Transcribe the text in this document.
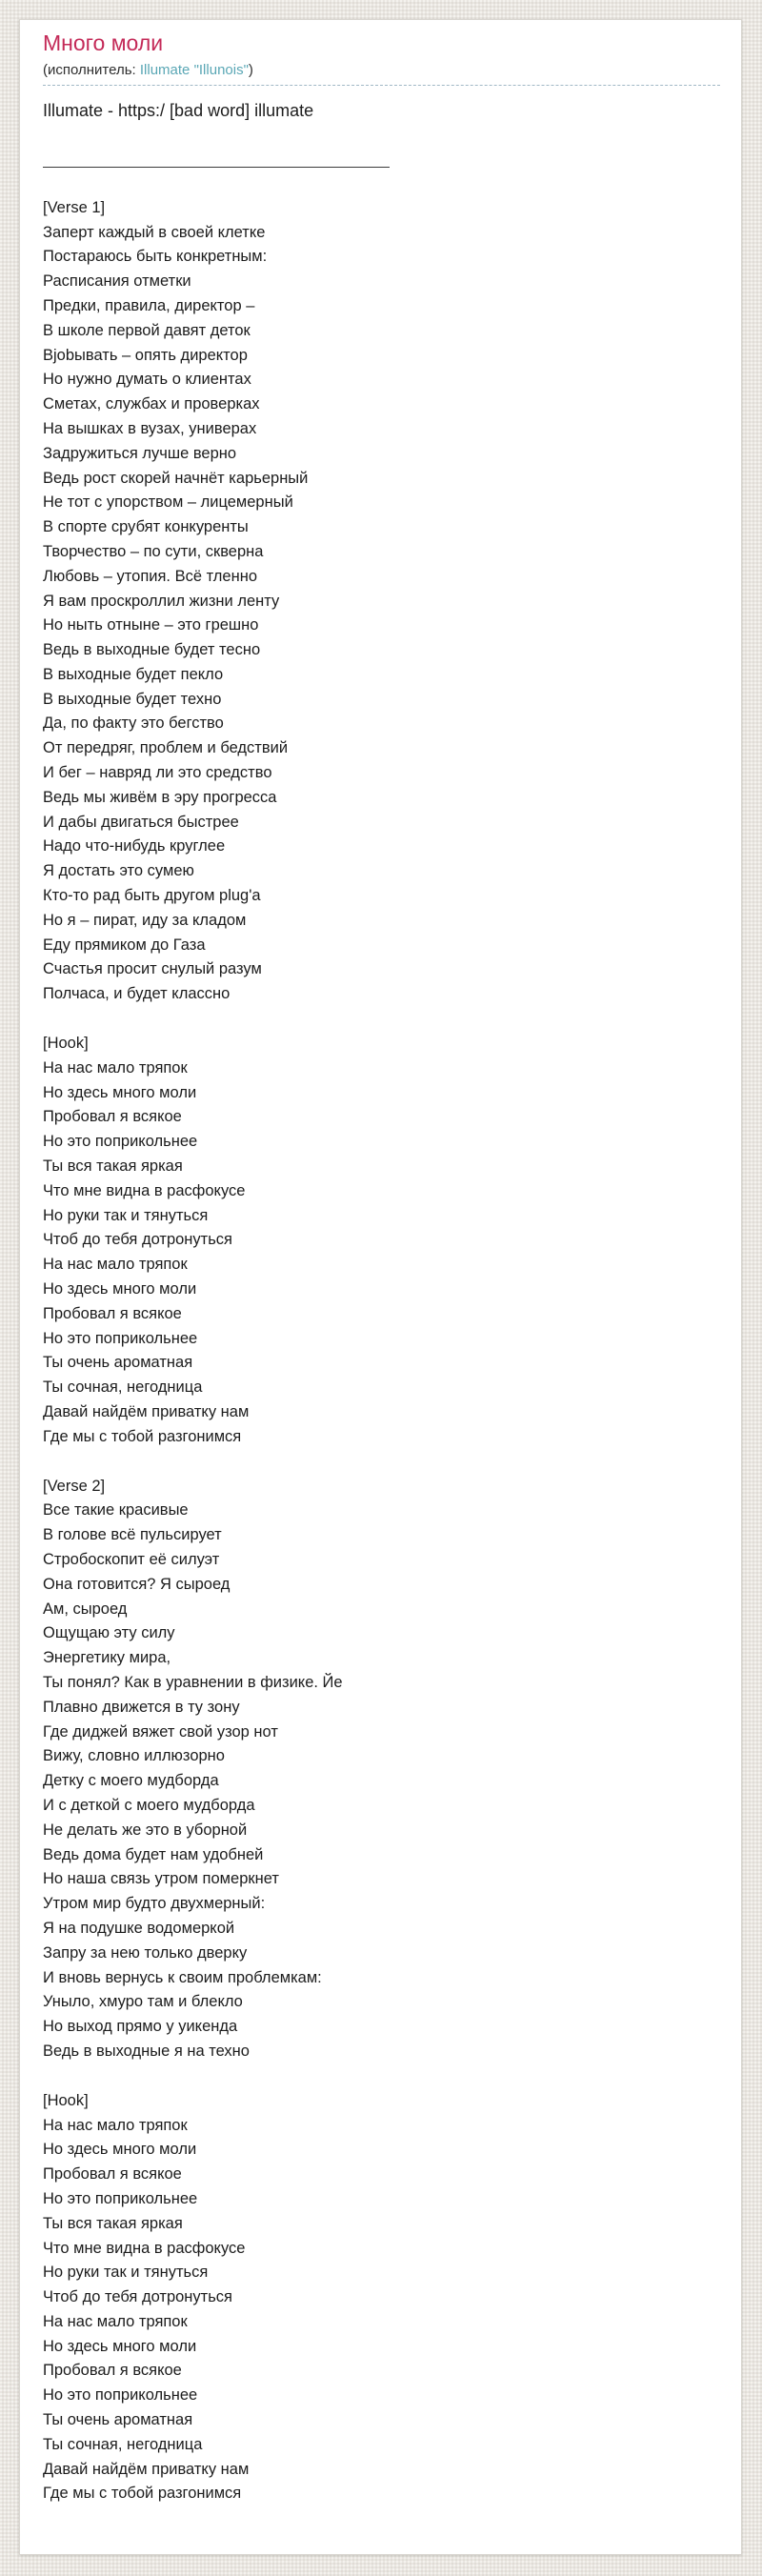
Много моли
(исполнитель: Illumate "Illunois")

Illumate - https:/ [bad word] illumate

[Verse 1]
Заперт каждый в своей клетке
Постараюсь быть конкретным:
Расписания отметки
Предки, правила, директор –
В школе первой давят деток
Вjobывать – опять директор
Но нужно думать о клиентах
Сметах, службах и проверках
На вышках в вузах, универах
Задружиться лучше верно
Ведь рост скорей начнёт карьерный
Не тот с упорством – лицемерный
В спорте срубят конкуренты
Творчество – по сути, скверна
Любовь – утопия. Всё тленно
Я вам проскроллил жизни ленту
Но ныть отныне – это грешно
Ведь в выходные будет тесно
В выходные будет пекло
В выходные будет техно
Да, по факту это бегство
От передряг, проблем и бедствий
И бег – навряд ли это средство
Ведь мы живём в эру прогресса
И дабы двигаться быстрее
Надо что-нибудь круглее
Я достать это сумею
Кто-то рад быть другом plug'a
Но я – пират, иду за кладом
Еду прямиком до Газа
Счастья просит снулый разум
Полчаса, и будет классно
[Hook]
На нас мало тряпок
Но здесь много моли
Пробовал я всякое
Но это поприкольнее
Ты вся такая яркая
Что мне видна в расфокусе
Но руки так и тянуться
Чтоб до тебя дотронуться
На нас мало тряпок
Но здесь много моли
Пробовал я всякое
Но это поприкольнее
Ты очень ароматная
Ты сочная, негодница
Давай найдём приватку нам
Где мы с тобой разгонимся
[Verse 2]
Все такие красивые
В голове всё пульсирует
Стробоскопит её силуэт
Она готовится? Я сыроед
Ам, сыроед
Ощущаю эту силу
Энергетику мира,
Ты понял? Как в уравнении в физике. Йе
Плавно движется в ту зону
Где диджей вяжет свой узор нот
Вижу, словно иллюзорно
Детку с моего мудборда
И с деткой с моего мудборда
Не делать же это в уборной
Ведь дома будет нам удобней
Но наша связь утром померкнет
Утром мир будто двухмерный:
Я на подушке водомеркой
Запру за нею только дверку
И вновь вернусь к своим проблемкам:
Уныло, хмуро там и блекло
Но выход прямо у уикенда
Ведь в выходные я на техно
[Hook]
На нас мало тряпок
Но здесь много моли
Пробовал я всякое
Но это поприкольнее
Ты вся такая яркая
Что мне видна в расфокусе
Но руки так и тянуться
Чтоб до тебя дотронуться
На нас мало тряпок
Но здесь много моли
Пробовал я всякое
Но это поприкольнее
Ты очень ароматная
Ты сочная, негодница
Давай найдём приватку нам
Где мы с тобой разгонимся
